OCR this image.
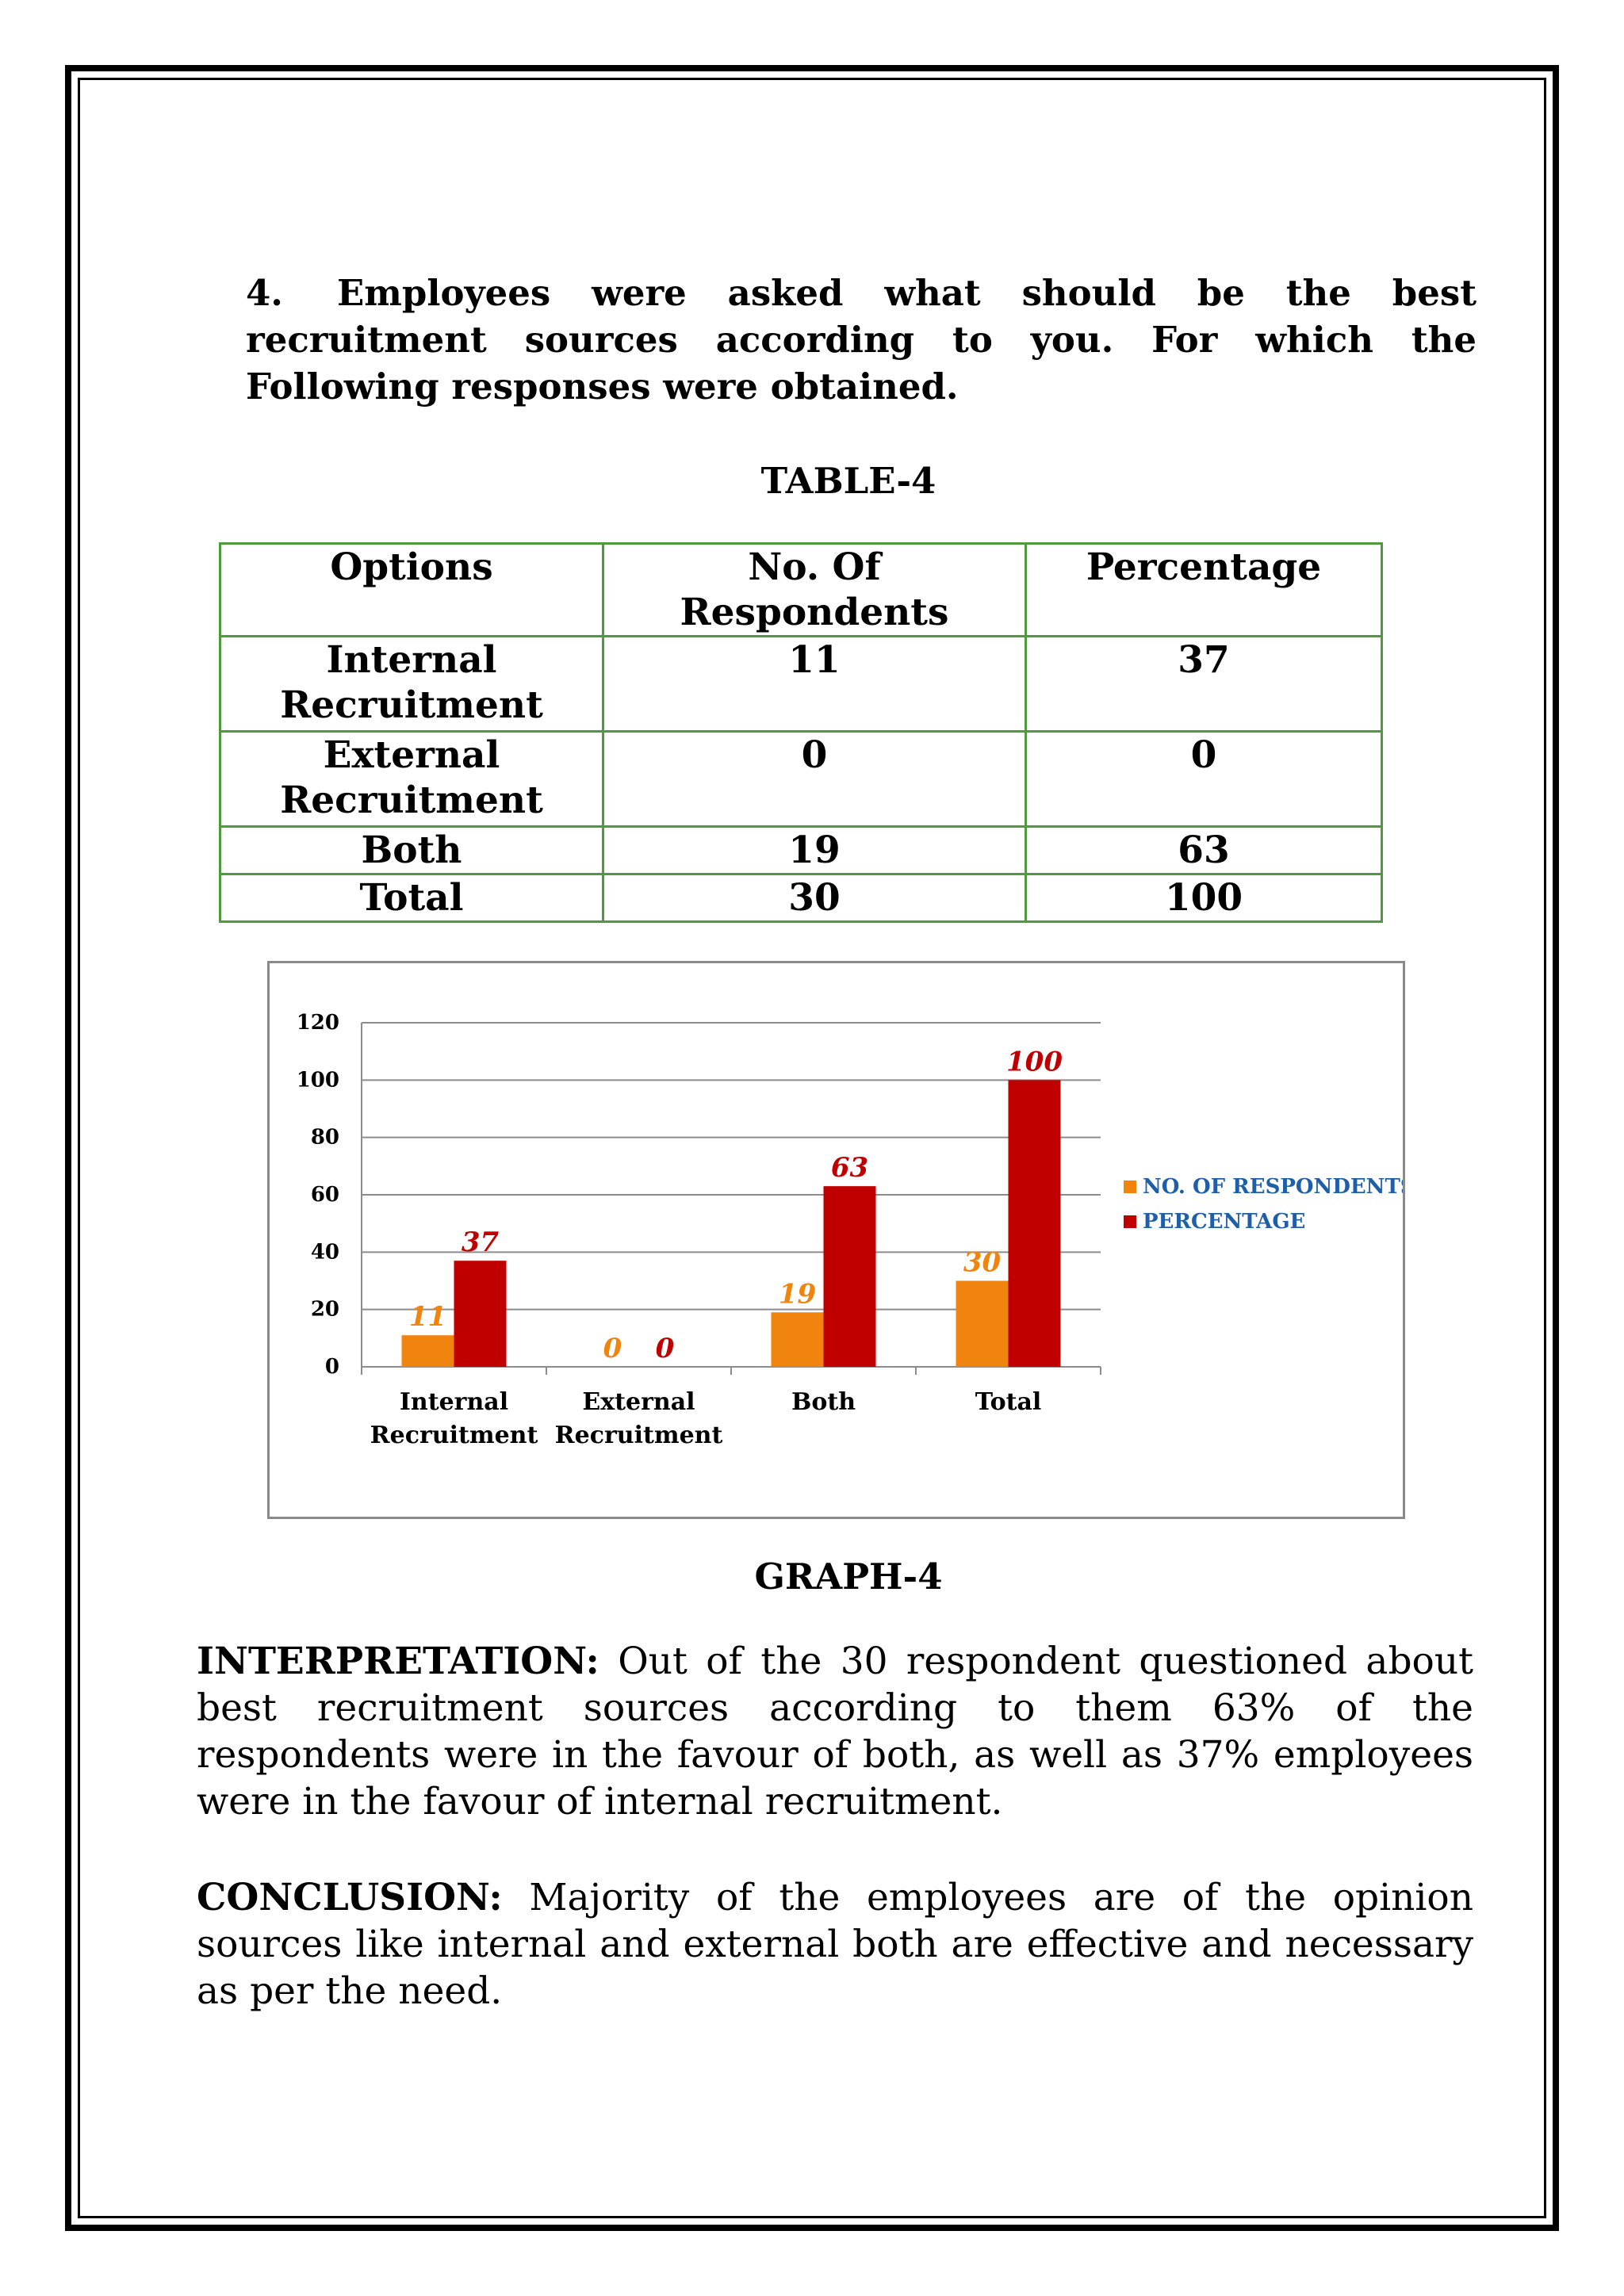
4. Employees were asked what should be the best recruitment sources according to you. For which the Following responses were obtained.
TABLE-4
Options	No. Of Respondents	Percentage
Internal Recruitment	11	37
External Recruitment	0	0
Both	19	63
Total	30	100
0
20
40
60
80
100
120
11
37
Internal
Recruitment
0 0
External
Recruitment
19
63
Both
30
100
Total
NO. OF RESPONDENTS
PERCENTAGE
GRAPH-4
INTERPRETATION: Out of the 30 respondent questioned about best recruitment sources according to them 63% of the respondents were in the favour of both, as well as 37% employees were in the favour of internal recruitment.
CONCLUSION: Majority of the employees are of the opinion sources like internal and external both are effective and necessary as per the need.
